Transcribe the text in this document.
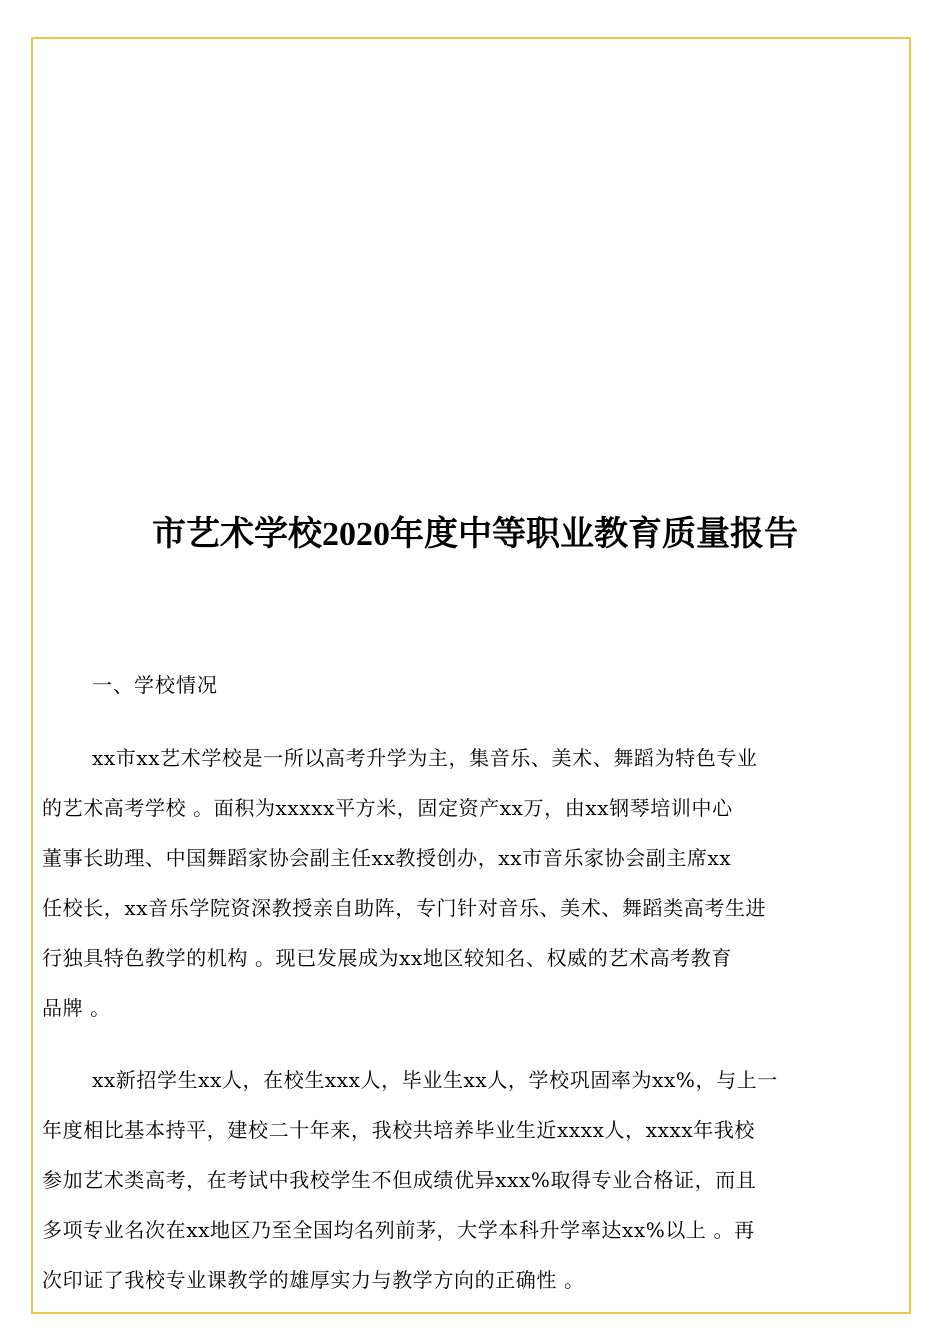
市艺术学校2020年度中等职业教育质量报告
一、学校情况
xx市xx艺术学校是一所以高考升学为主，集音乐、美术、舞蹈为特色专业
的艺术高考学校 。面积为xxxxx平方米，固定资产xx万，由xx钢琴培训中心
董事长助理、中国舞蹈家协会副主任xx教授创办，xx市音乐家协会副主席xx
任校长，xx音乐学院资深教授亲自助阵，专门针对音乐、美术、舞蹈类高考生进
行独具特色教学的机构 。现已发展成为xx地区较知名、权威的艺术高考教育
品牌 。
xx新招学生xx人，在校生xxx人，毕业生xx人，学校巩固率为xx%，与上一
年度相比基本持平，建校二十年来，我校共培养毕业生近xxxx人，xxxx年我校
参加艺术类高考，在考试中我校学生不但成绩优异xxx%取得专业合格证，而且
多项专业名次在xx地区乃至全国均名列前茅，大学本科升学率达xx%以上 。再
次印证了我校专业课教学的雄厚实力与教学方向的正确性 。
